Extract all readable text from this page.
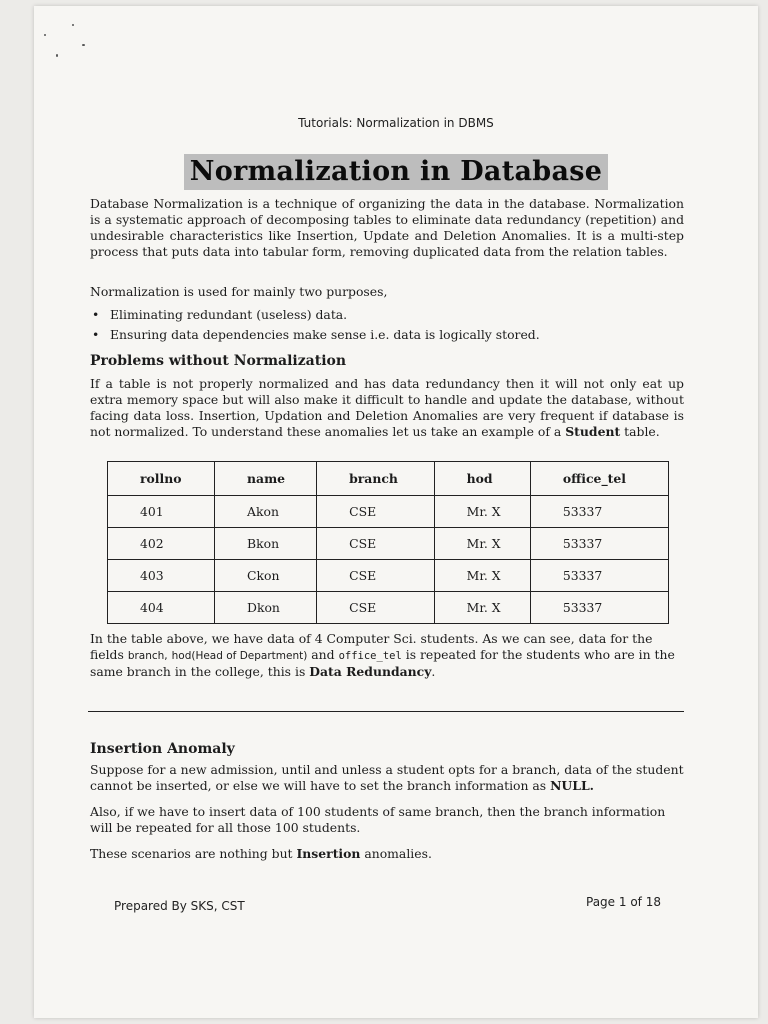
Tutorials: Normalization in DBMS
Normalization in Database

Database Normalization is a technique of organizing the data in the database. Normalization is a systematic approach of decomposing tables to eliminate data redundancy (repetition) and undesirable characteristics like Insertion, Update and Deletion Anomalies. It is a multi-step process that puts data into tabular form, removing duplicated data from the relation tables.

Normalization is used for mainly two purposes,

• Eliminating redundant (useless) data.
• Ensuring data dependencies make sense i.e. data is logically stored.
Problems without Normalization

If a table is not properly normalized and has data redundancy then it will not only eat up extra memory space but will also make it difficult to handle and update the database, without facing data loss. Insertion, Updation and Deletion Anomalies are very frequent if database is not normalized. To understand these anomalies let us take an example of a Student table.

rollno	name	branch	hod	office_tel
401	Akon	CSE	Mr. X	53337
402	Bkon	CSE	Mr. X	53337
403	Ckon	CSE	Mr. X	53337
404	Dkon	CSE	Mr. X	53337

In the table above, we have data of 4 Computer Sci. students. As we can see, data for the fields branch, hod(Head of Department) and office_tel is repeated for the students who are in the same branch in the college, this is Data Redundancy.

Insertion Anomaly

Suppose for a new admission, until and unless a student opts for a branch, data of the student cannot be inserted, or else we will have to set the branch information as NULL.

Also, if we have to insert data of 100 students of same branch, then the branch information will be repeated for all those 100 students.

These scenarios are nothing but Insertion anomalies.

Prepared By SKS, CST	Page 1 of 18
